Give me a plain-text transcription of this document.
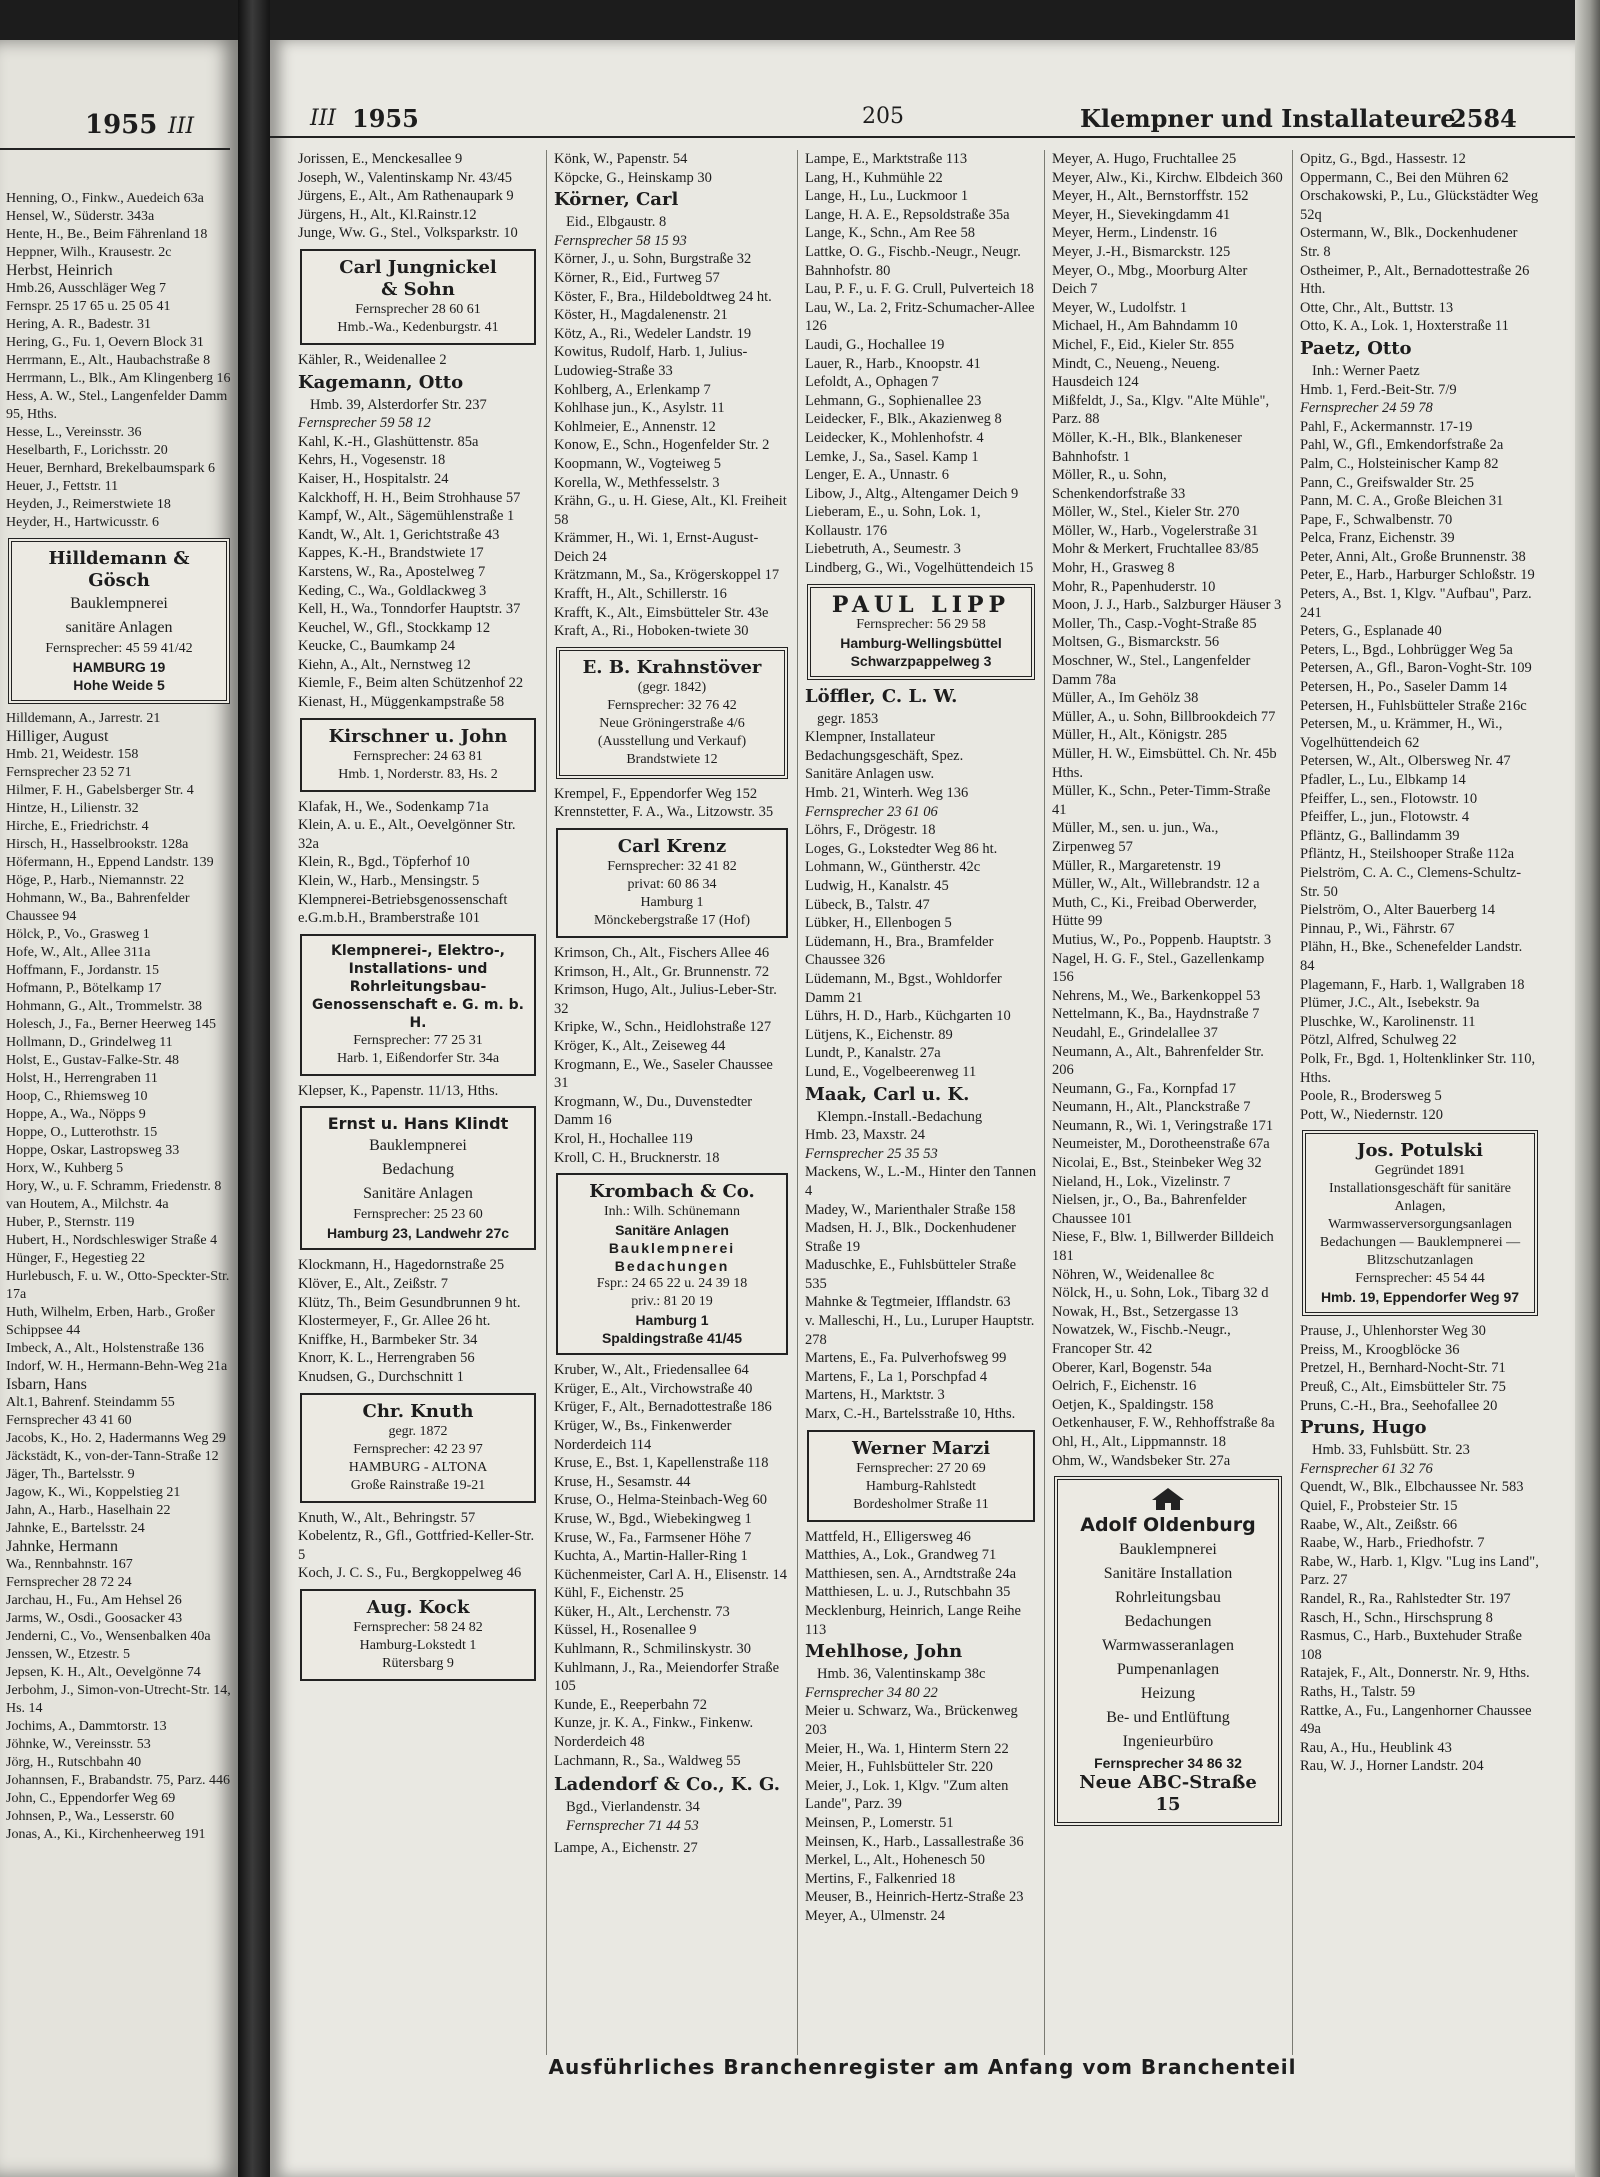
1955 III
Henning, O., Finkw., Auedeich 63a
Hensel, W., Süderstr. 343a
Hente, H., Be., Beim Fährenland 18
Heppner, Wilh., Krausestr. 2c
Herbst, Heinrich
Hmb.26, Ausschläger Weg 7
Fernspr. 25 17 65 u. 25 05 41
Hering, A. R., Badestr. 31
Hering, G., Fu. 1, Oevern Block 31
Herrmann, E., Alt., Haubachstraße 8
Herrmann, L., Blk., Am Klingenberg 16
Hess, A. W., Stel., Langenfelder Damm 95, Hths.
Hesse, L., Vereinsstr. 36
Heselbarth, F., Lorichsstr. 20
Heuer, Bernhard, Brekelbaumspark 6
Heuer, J., Fettstr. 11
Heyden, J., Reimerstwiete 18
Heyder, H., Hartwicusstr. 6
Hilldemann & Gösch
Bauklempnerei
sanitäre Anlagen
Fernsprecher: 45 59 41/42
HAMBURG 19
Hohe Weide 5
Hilldemann, A., Jarrestr. 21
Hilliger, August
Hmb. 21, Weidestr. 158
Fernsprecher 23 52 71
Hilmer, F. H., Gabelsberger Str. 4
Hintze, H., Lilienstr. 32
Hirche, E., Friedrichstr. 4
Hirsch, H., Hasselbrookstr. 128a
Höfermann, H., Eppend Landstr. 139
Höge, P., Harb., Niemannstr. 22
Hohmann, W., Ba., Bahrenfelder Chaussee 94
Hölck, P., Vo., Grasweg 1
Hofe, W., Alt., Allee 311a
Hoffmann, F., Jordanstr. 15
Hofmann, P., Bötelkamp 17
Hohmann, G., Alt., Trommelstr. 38
Holesch, J., Fa., Berner Heerweg 145
Hollmann, D., Grindelweg 11
Holst, E., Gustav-Falke-Str. 48
Holst, H., Herrengraben 11
Hoop, C., Rhiemsweg 10
Hoppe, A., Wa., Nöpps 9
Hoppe, O., Lutterothstr. 15
Hoppe, Oskar, Lastropsweg 33
Horx, W., Kuhberg 5
Hory, W., u. F. Schramm, Friedenstr. 8
van Houtem, A., Milchstr. 4a
Huber, P., Sternstr. 119
Hubert, H., Nordschleswiger Straße 4
Hünger, F., Hegestieg 22
Hurlebusch, F. u. W., Otto-Speckter-Str. 17a
Huth, Wilhelm, Erben, Harb., Großer Schippsee 44
Imbeck, A., Alt., Holstenstraße 136
Indorf, W. H., Hermann-Behn-Weg 21a
Isbarn, Hans
Alt.1, Bahrenf. Steindamm 55
Fernsprecher 43 41 60
Jacobs, K., Ho. 2, Hadermanns Weg 29
Jäckstädt, K., von-der-Tann-Straße 12
Jäger, Th., Bartelsstr. 9
Jagow, K., Wi., Koppelstieg 21
Jahn, A., Harb., Haselhain 22
Jahnke, E., Bartelsstr. 24
Jahnke, Hermann
Wa., Rennbahnstr. 167
Fernsprecher 28 72 24
Jarchau, H., Fu., Am Hehsel 26
Jarms, W., Osdi., Goosacker 43
Jenderni, C., Vo., Wensenbalken 40a
Jenssen, W., Etzestr. 5
Jepsen, K. H., Alt., Oevelgönne 74
Jerbohm, J., Simon-von-Utrecht-Str. 14, Hs. 14
Jochims, A., Dammtorstr. 13
Jöhnke, W., Vereinsstr. 53
Jörg, H., Rutschbahn 40
Johannsen, F., Brabandstr. 75, Parz. 446
John, C., Eppendorfer Weg 69
Johnsen, P., Wa., Lesserstr. 60
Jonas, A., Ki., Kirchenheerweg 191
III 1955	205	Klempner und Installateure
2584
Jorissen, E., Menckesallee 9
Joseph, W., Valentinskamp Nr. 43/45
Jürgens, E., Alt., Am Rathenaupark 9
Jürgens, H., Alt., Kl.Rainstr.12
Junge, Ww. G., Stel., Volksparkstr. 10
Carl Jungnickel
& Sohn
Fernsprecher 28 60 61
Hmb.-Wa., Kedenburgstr. 41
Kähler, R., Weidenallee 2
Kagemann, Otto
Hmb. 39, Alsterdorfer Str. 237
Fernsprecher 59 58 12
Kahl, K.-H., Glashüttenstr. 85a
Kehrs, H., Vogesenstr. 18
Kaiser, H., Hospitalstr. 24
Kalckhoff, H. H., Beim Strohhause 57
Kampf, W., Alt., Sägemühlenstraße 1
Kandt, W., Alt. 1, Gerichtstraße 43
Kappes, K.-H., Brandstwiete 17
Karstens, W., Ra., Apostelweg 7
Keding, C., Wa., Goldlackweg 3
Kell, H., Wa., Tonndorfer Hauptstr. 37
Keuchel, W., Gfl., Stockkamp 12
Keucke, C., Baumkamp 24
Kiehn, A., Alt., Nernstweg 12
Kiemle, F., Beim alten Schützenhof 22
Kienast, H., Müggenkampstraße 58
Kirschner u. John
Fernsprecher: 24 63 81
Hmb. 1, Norderstr. 83, Hs. 2
Klafak, H., We., Sodenkamp 71a
Klein, A. u. E., Alt., Oevelgönner Str. 32a
Klein, R., Bgd., Töpferhof 10
Klein, W., Harb., Mensingstr. 5
Klempnerei-Betriebsgenossenschaft e.G.m.b.H., Bramberstraße 101
Klempnerei-, Elektro-, Installations- und Rohrleitungsbau-Genossenschaft e. G. m. b. H.
Fernsprecher: 77 25 31
Harb. 1, Eißendorfer Str. 34a
Klepser, K., Papenstr. 11/13, Hths.
Ernst u. Hans Klindt
Bauklempnerei
Bedachung
Sanitäre Anlagen
Fernsprecher: 25 23 60
Hamburg 23, Landwehr 27c
Klockmann, H., Hagedornstraße 25
Klöver, E., Alt., Zeißstr. 7
Klütz, Th., Beim Gesundbrunnen 9 ht.
Klostermeyer, F., Gr. Allee 26 ht.
Kniffke, H., Barmbeker Str. 34
Knorr, K. L., Herrengraben 56
Knudsen, G., Durchschnitt 1
Chr. Knuth
gegr. 1872
Fernsprecher: 42 23 97
HAMBURG - ALTONA
Große Rainstraße 19-21
Knuth, W., Alt., Behringstr. 57
Kobelentz, R., Gfl., Gottfried-Keller-Str. 5
Koch, J. C. S., Fu., Bergkoppelweg 46
Aug. Kock
Fernsprecher: 58 24 82
Hamburg-Lokstedt 1
Rütersbarg 9
Könk, W., Papenstr. 54
Köpcke, G., Heinskamp 30
Körner, Carl
Eid., Elbgaustr. 8
Fernsprecher 58 15 93
Körner, J., u. Sohn, Burgstraße 32
Körner, R., Eid., Furtweg 57
Köster, F., Bra., Hildeboldtweg 24 ht.
Köster, H., Magdalenenstr. 21
Kötz, A., Ri., Wedeler Landstr. 19
Kowitus, Rudolf, Harb. 1, Julius-Ludowieg-Straße 33
Kohlberg, A., Erlenkamp 7
Kohlhase jun., K., Asylstr. 11
Kohlmeier, E., Annenstr. 12
Konow, E., Schn., Hogenfelder Str. 2
Koopmann, W., Vogteiweg 5
Korella, W., Methfesselstr. 3
Krähn, G., u. H. Giese, Alt., Kl. Freiheit 58
Krämmer, H., Wi. 1, Ernst-August-Deich 24
Krätzmann, M., Sa., Krögerskoppel 17
Krafft, H., Alt., Schillerstr. 16
Krafft, K., Alt., Eimsbütteler Str. 43e
Kraft, A., Ri., Hoboken-twiete 30
E. B. Krahnstöver
(gegr. 1842)
Fernsprecher: 32 76 42
Neue Gröningerstraße 4/6
(Ausstellung und Verkauf)
Brandstwiete 12
Krempel, F., Eppendorfer Weg 152
Krennstetter, F. A., Wa., Litzowstr. 35
Carl Krenz
Fernsprecher: 32 41 82
privat: 60 86 34
Hamburg 1
Mönckebergstraße 17 (Hof)
Krimson, Ch., Alt., Fischers Allee 46
Krimson, H., Alt., Gr. Brunnenstr. 72
Krimson, Hugo, Alt., Julius-Leber-Str. 32
Kripke, W., Schn., Heidlohstraße 127
Kröger, K., Alt., Zeiseweg 44
Krogmann, E., We., Saseler Chaussee 31
Krogmann, W., Du., Duvenstedter Damm 16
Krol, H., Hochallee 119
Kroll, C. H., Brucknerstr. 18
Krombach & Co.
Inh.: Wilh. Schünemann
Sanitäre Anlagen
Bauklempnerei
Bedachungen
Fspr.: 24 65 22 u. 24 39 18
priv.: 81 20 19
Hamburg 1
Spaldingstraße 41/45
Kruber, W., Alt., Friedensallee 64
Krüger, E., Alt., Virchowstraße 40
Krüger, F., Alt., Bernadottestraße 186
Krüger, W., Bs., Finkenwerder Norderdeich 114
Kruse, E., Bst. 1, Kapellenstraße 118
Kruse, H., Sesamstr. 44
Kruse, O., Helma-Steinbach-Weg 60
Kruse, W., Bgd., Wiebekingweg 1
Kruse, W., Fa., Farmsener Höhe 7
Kuchta, A., Martin-Haller-Ring 1
Küchenmeister, Carl A. H., Elisenstr. 14
Kühl, F., Eichenstr. 25
Küker, H., Alt., Lerchenstr. 73
Küssel, H., Rosenallee 9
Kuhlmann, R., Schmilinskystr. 30
Kuhlmann, J., Ra., Meiendorfer Straße 105
Kunde, E., Reeperbahn 72
Kunze, jr. K. A., Finkw., Finkenw. Norderdeich 48
Lachmann, R., Sa., Waldweg 55
Ladendorf & Co., K. G.
Bgd., Vierlandenstr. 34
Fernsprecher 71 44 53
Lampe, A., Eichenstr. 27
Lampe, E., Marktstraße 113
Lang, H., Kuhmühle 22
Lange, H., Lu., Luckmoor 1
Lange, H. A. E., Repsoldstraße 35a
Lange, K., Schn., Am Ree 58
Lattke, O. G., Fischb.-Neugr., Neugr. Bahnhofstr. 80
Lau, P. F., u. F. G. Crull, Pulverteich 18
Lau, W., La. 2, Fritz-Schumacher-Allee 126
Laudi, G., Hochallee 19
Lauer, R., Harb., Knoopstr. 41
Lefoldt, A., Ophagen 7
Lehmann, G., Sophienallee 23
Leidecker, F., Blk., Akazienweg 8
Leidecker, K., Mohlenhofstr. 4
Lemke, J., Sa., Sasel. Kamp 1
Lenger, E. A., Unnastr. 6
Libow, J., Altg., Altengamer Deich 9
Lieberam, E., u. Sohn, Lok. 1, Kollaustr. 176
Liebetruth, A., Seumestr. 3
Lindberg, G., Wi., Vogelhüttendeich 15
PAUL LIPP
Fernsprecher: 56 29 58
Hamburg-Wellingsbüttel
Schwarzpappelweg 3
Löffler, C. L. W.
gegr. 1853
Klempner, Installateur
Bedachungsgeschäft, Spez.
Sanitäre Anlagen usw.
Hmb. 21, Winterh. Weg 136
Fernsprecher 23 61 06
Löhrs, F., Drögestr. 18
Loges, G., Lokstedter Weg 86 ht.
Lohmann, W., Güntherstr. 42c
Ludwig, H., Kanalstr. 45
Lübeck, B., Talstr. 47
Lübker, H., Ellenbogen 5
Lüdemann, H., Bra., Bramfelder Chaussee 326
Lüdemann, M., Bgst., Wohldorfer Damm 21
Lührs, H. D., Harb., Küchgarten 10
Lütjens, K., Eichenstr. 89
Lundt, P., Kanalstr. 27a
Lund, E., Vogelbeerenweg 11
Maak, Carl u. K.
Klempn.-Install.-Bedachung
Hmb. 23, Maxstr. 24
Fernsprecher 25 35 53
Mackens, W., L.-M., Hinter den Tannen 4
Madey, W., Marienthaler Straße 158
Madsen, H. J., Blk., Dockenhudener Straße 19
Maduschke, E., Fuhlsbütteler Straße 535
Mahnke & Tegtmeier, Ifflandstr. 63
v. Malleschi, H., Lu., Luruper Hauptstr. 278
Martens, E., Fa. Pulverhofsweg 99
Martens, F., La 1, Porschpfad 4
Martens, H., Marktstr. 3
Marx, C.-H., Bartelsstraße 10, Hths.
Werner Marzi
Fernsprecher: 27 20 69
Hamburg-Rahlstedt
Bordesholmer Straße 11
Mattfeld, H., Elligersweg 46
Matthies, A., Lok., Grandweg 71
Matthiesen, sen. A., Arndtstraße 24a
Matthiesen, L. u. J., Rutschbahn 35
Mecklenburg, Heinrich, Lange Reihe 113
Mehlhose, John
Hmb. 36, Valentinskamp 38c
Fernsprecher 34 80 22
Meier u. Schwarz, Wa., Brückenweg 203
Meier, H., Wa. 1, Hinterm Stern 22
Meier, H., Fuhlsbütteler Str. 220
Meier, J., Lok. 1, Klgv. "Zum alten Lande", Parz. 39
Meinsen, P., Lomerstr. 51
Meinsen, K., Harb., Lassallestraße 36
Merkel, L., Alt., Hohenesch 50
Mertins, F., Falkenried 18
Meuser, B., Heinrich-Hertz-Straße 23
Meyer, A., Ulmenstr. 24
Meyer, A. Hugo, Fruchtallee 25
Meyer, Alw., Ki., Kirchw. Elbdeich 360
Meyer, H., Alt., Bernstorffstr. 152
Meyer, H., Sievekingdamm 41
Meyer, Herm., Lindenstr. 16
Meyer, J.-H., Bismarckstr. 125
Meyer, O., Mbg., Moorburg Alter Deich 7
Meyer, W., Ludolfstr. 1
Michael, H., Am Bahndamm 10
Michel, F., Eid., Kieler Str. 855
Mindt, C., Neueng., Neueng. Hausdeich 124
Mißfeldt, J., Sa., Klgv. "Alte Mühle", Parz. 88
Möller, K.-H., Blk., Blankeneser Bahnhofstr. 1
Möller, R., u. Sohn, Schenkendorfstraße 33
Möller, W., Stel., Kieler Str. 270
Möller, W., Harb., Vogelerstraße 31
Mohr & Merkert, Fruchtallee 83/85
Mohr, H., Grasweg 8
Mohr, R., Papenhuderstr. 10
Moon, J. J., Harb., Salzburger Häuser 3
Moller, Th., Casp.-Voght-Straße 85
Moltsen, G., Bismarckstr. 56
Moschner, W., Stel., Langenfelder Damm 78a
Müller, A., Im Gehölz 38
Müller, A., u. Sohn, Billbrookdeich 77
Müller, H., Alt., Königstr. 285
Müller, H. W., Eimsbüttel. Ch. Nr. 45b Hths.
Müller, K., Schn., Peter-Timm-Straße 41
Müller, M., sen. u. jun., Wa., Zirpenweg 57
Müller, R., Margaretenstr. 19
Müller, W., Alt., Willebrandstr. 12 a
Muth, C., Ki., Freibad Oberwerder, Hütte 99
Mutius, W., Po., Poppenb. Hauptstr. 3
Nagel, H. G. F., Stel., Gazellenkamp 156
Nehrens, M., We., Barkenkoppel 53
Nettelmann, K., Ba., Haydnstraße 7
Neudahl, E., Grindelallee 37
Neumann, A., Alt., Bahrenfelder Str. 206
Neumann, G., Fa., Kornpfad 17
Neumann, H., Alt., Planckstraße 7
Neumann, R., Wi. 1, Veringstraße 171
Neumeister, M., Dorotheenstraße 67a
Nicolai, E., Bst., Steinbeker Weg 32
Nieland, H., Lok., Vizelinstr. 7
Nielsen, jr., O., Ba., Bahrenfelder Chaussee 101
Niese, F., Blw. 1, Billwerder Billdeich 181
Nöhren, W., Weidenallee 8c
Nölck, H., u. Sohn, Lok., Tibarg 32 d
Nowak, H., Bst., Setzergasse 13
Nowatzek, W., Fischb.-Neugr., Francoper Str. 42
Oberer, Karl, Bogenstr. 54a
Oelrich, F., Eichenstr. 16
Oetjen, K., Spaldingstr. 158
Oetkenhauser, F. W., Rehhoffstraße 8a
Ohl, H., Alt., Lippmannstr. 18
Ohm, W., Wandsbeker Str. 27a
Adolf Oldenburg
Bauklempnerei
Sanitäre Installation
Rohrleitungsbau
Bedachungen
Warmwasseranlagen
Pumpenanlagen
Heizung
Be- und Entlüftung
Ingenieurbüro
Fernsprecher 34 86 32
Neue ABC-Straße 15
Opitz, G., Bgd., Hassestr. 12
Oppermann, C., Bei den Mühren 62
Orschakowski, P., Lu., Glückstädter Weg 52q
Ostermann, W., Blk., Dockenhudener Str. 8
Ostheimer, P., Alt., Bernadottestraße 26 Hth.
Otte, Chr., Alt., Buttstr. 13
Otto, K. A., Lok. 1, Hoxterstraße 11
Paetz, Otto
Inh.: Werner Paetz
Hmb. 1, Ferd.-Beit-Str. 7/9
Fernsprecher 24 59 78
Pahl, F., Ackermannstr. 17-19
Pahl, W., Gfl., Emkendorfstraße 2a
Palm, C., Holsteinischer Kamp 82
Pann, C., Greifswalder Str. 25
Pann, M. C. A., Große Bleichen 31
Pape, F., Schwalbenstr. 70
Pelca, Franz, Eichenstr. 39
Peter, Anni, Alt., Große Brunnenstr. 38
Peter, E., Harb., Harburger Schloßstr. 19
Peters, A., Bst. 1, Klgv. "Aufbau", Parz. 241
Peters, G., Esplanade 40
Peters, L., Bgd., Lohbrügger Weg 5a
Petersen, A., Gfl., Baron-Voght-Str. 109
Petersen, H., Po., Saseler Damm 14
Petersen, H., Fuhlsbütteler Straße 216c
Petersen, M., u. Krämmer, H., Wi., Vogelhüttendeich 62
Petersen, W., Alt., Olbersweg Nr. 47
Pfadler, L., Lu., Elbkamp 14
Pfeiffer, L., sen., Flotowstr. 10
Pfeiffer, L., jun., Flotowstr. 4
Pfläntz, G., Ballindamm 39
Pfläntz, H., Steilshooper Straße 112a
Pielström, C. A. C., Clemens-Schultz-Str. 50
Pielström, O., Alter Bauerberg 14
Pinnau, P., Wi., Fährstr. 67
Plähn, H., Bke., Schenefelder Landstr. 84
Plagemann, F., Harb. 1, Wallgraben 18
Plümer, J.C., Alt., Isebekstr. 9a
Pluschke, W., Karolinenstr. 11
Pötzl, Alfred, Schulweg 22
Polk, Fr., Bgd. 1, Holtenklinker Str. 110, Hths.
Poole, R., Brodersweg 5
Pott, W., Niedernstr. 120
Jos. Potulski
Gegründet 1891
Installationsgeschäft für sanitäre Anlagen, Warmwasserversorgungsanlagen
Bedachungen — Bauklempnerei — Blitzschutzanlagen
Fernsprecher: 45 54 44
Hmb. 19, Eppendorfer Weg 97
Prause, J., Uhlenhorster Weg 30
Preiss, M., Kroogblöcke 36
Pretzel, H., Bernhard-Nocht-Str. 71
Preuß, C., Alt., Eimsbütteler Str. 75
Pruns, C.-H., Bra., Seehofallee 20
Pruns, Hugo
Hmb. 33, Fuhlsbütt. Str. 23
Fernsprecher 61 32 76
Quendt, W., Blk., Elbchaussee Nr. 583
Quiel, F., Probsteier Str. 15
Raabe, W., Alt., Zeißstr. 66
Raabe, W., Harb., Friedhofstr. 7
Rabe, W., Harb. 1, Klgv. "Lug ins Land", Parz. 27
Randel, R., Ra., Rahlstedter Str. 197
Rasch, H., Schn., Hirschsprung 8
Rasmus, C., Harb., Buxtehuder Straße 108
Ratajek, F., Alt., Donnerstr. Nr. 9, Hths.
Raths, H., Talstr. 59
Rattke, A., Fu., Langenhorner Chaussee 49a
Rau, A., Hu., Heublink 43
Rau, W. J., Horner Landstr. 204
Ausführliches Branchenregister am Anfang vom Branchenteil
